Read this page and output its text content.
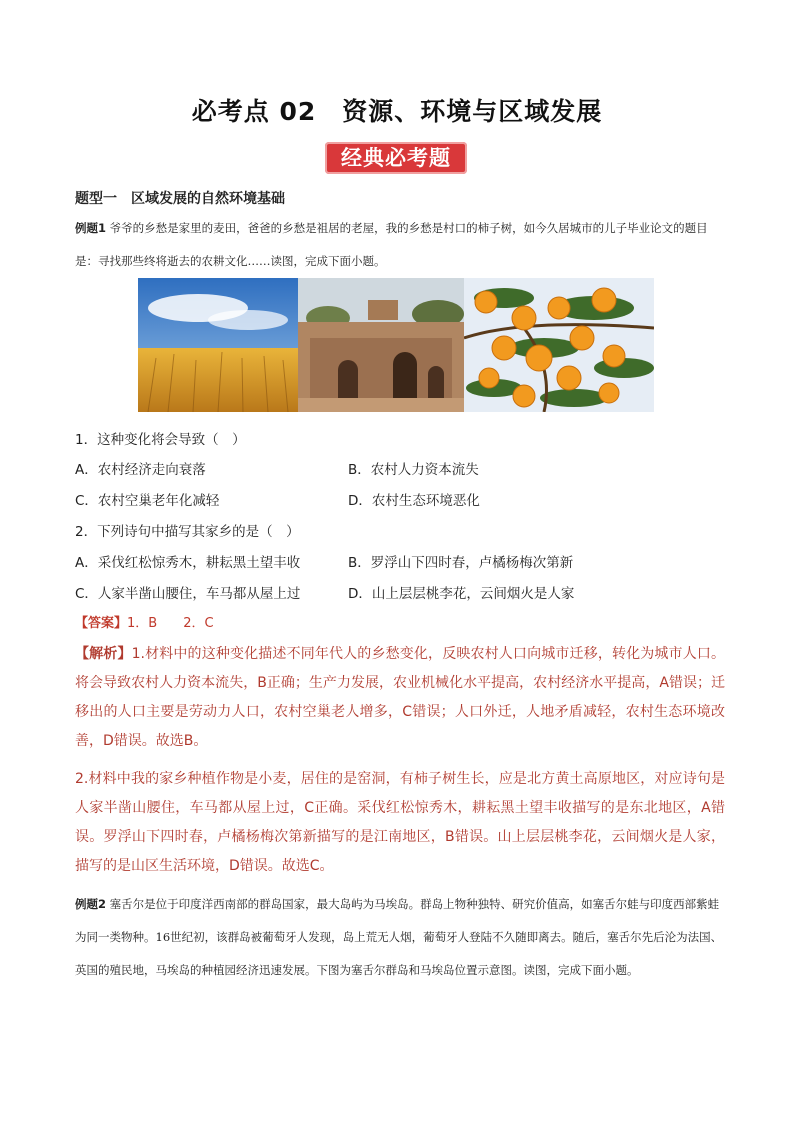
必考点 02　资源、环境与区域发展
经典必考题
题型一 区域发展的自然环境基础
例题1 爷爷的乡愁是家里的麦田，爸爸的乡愁是祖居的老屋，我的乡愁是村口的柿子树，如今久居城市的儿子毕业论文的题目是：寻找那些终将逝去的农耕文化……读图，完成下面小题。
1．这种变化将会导致（　）
A．农村经济走向衰落	B．农村人力资本流失
C．农村空巢老年化减轻	D．农村生态环境恶化
2．下列诗句中描写其家乡的是（　）
A．采伐红松惊秀木，耕耘黑土望丰收	B．罗浮山下四时春，卢橘杨梅次第新
C．人家半凿山腰住，车马都从屋上过	D．山上层层桃李花，云间烟火是人家
【答案】1．B　　2．C
【解析】1.材料中的这种变化描述不同年代人的乡愁变化，反映农村人口向城市迁移，转化为城市人口。将会导致农村人力资本流失，B正确；生产力发展，农业机械化水平提高，农村经济水平提高，A错误；迁移出的人口主要是劳动力人口，农村空巢老人增多，C错误；人口外迁，人地矛盾减轻，农村生态环境改善，D错误。故选B。
2.材料中我的家乡种植作物是小麦，居住的是窑洞，有柿子树生长，应是北方黄土高原地区，对应诗句是人家半凿山腰住，车马都从屋上过，C正确。采伐红松惊秀木，耕耘黑土望丰收描写的是东北地区，A错误。罗浮山下四时春，卢橘杨梅次第新描写的是江南地区，B错误。山上层层桃李花，云间烟火是人家，描写的是山区生活环境，D错误。故选C。
例题2 塞舌尔是位于印度洋西南部的群岛国家，最大岛屿为马埃岛。群岛上物种独特、研究价值高，如塞舌尔蛙与印度西部紫蛙为同一类物种。16世纪初，该群岛被葡萄牙人发现，岛上荒无人烟，葡萄牙人登陆不久随即离去。随后，塞舌尔先后沦为法国、英国的殖民地，马埃岛的种植园经济迅速发展。下图为塞舌尔群岛和马埃岛位置示意图。读图，完成下面小题。
